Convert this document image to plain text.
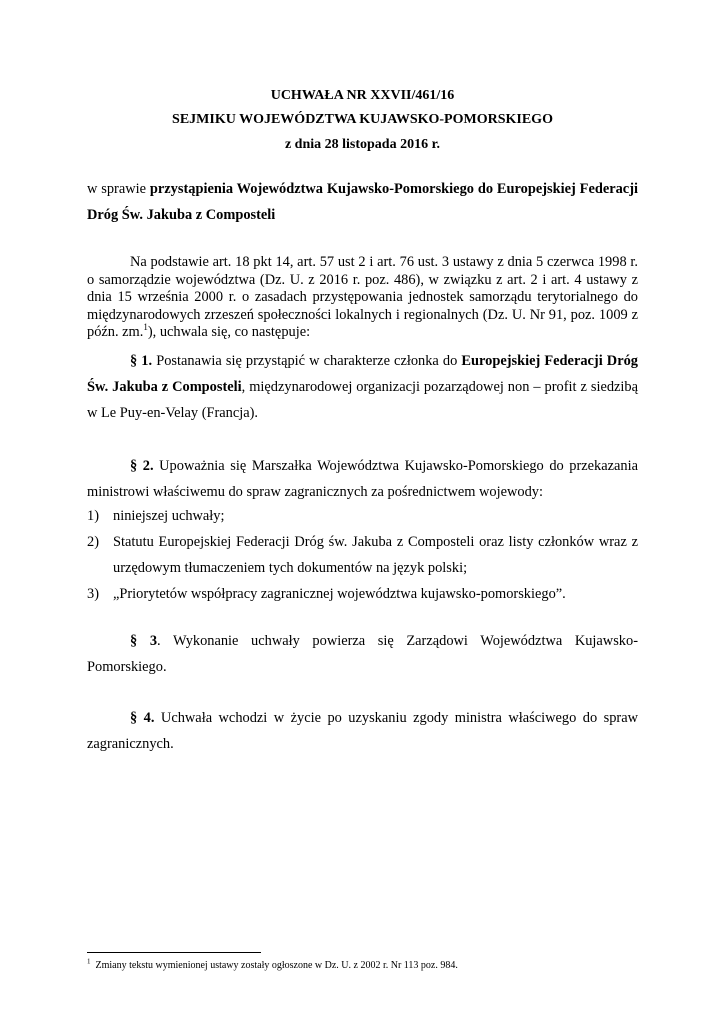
UCHWAŁA NR XXVII/461/16
SEJMIKU WOJEWÓDZTWA KUJAWSKO-POMORSKIEGO
z dnia 28 listopada 2016 r.
w sprawie przystąpienia Województwa Kujawsko-Pomorskiego do Europejskiej Federacji Dróg Św. Jakuba z Composteli
Na podstawie art. 18 pkt 14, art. 57 ust 2 i art. 76 ust. 3 ustawy z dnia 5 czerwca 1998 r. o samorządzie województwa (Dz. U. z 2016 r. poz. 486), w związku z art. 2 i art. 4 ustawy z dnia 15 września 2000 r. o zasadach przystępowania jednostek samorządu terytorialnego do międzynarodowych zrzeszeń społeczności lokalnych i regionalnych (Dz. U. Nr 91, poz. 1009 z późn. zm.$^1$), uchwala się, co następuje:
§ 1. Postanawia się przystąpić w charakterze członka do Europejskiej Federacji Dróg Św. Jakuba z Composteli, międzynarodowej organizacji pozarządowej non – profit z siedzibą w Le Puy-en-Velay (Francja).
§ 2. Upoważnia się Marszałka Województwa Kujawsko-Pomorskiego do przekazania ministrowi właściwemu do spraw zagranicznych za pośrednictwem wojewody:
1) niniejszej uchwały;
2) Statutu Europejskiej Federacji Dróg św. Jakuba z Composteli oraz listy członków wraz z urzędowym tłumaczeniem tych dokumentów na język polski;
3) „Priorytetów współpracy zagranicznej województwa kujawsko-pomorskiego”.
§ 3. Wykonanie uchwały powierza się Zarządowi Województwa Kujawsko-Pomorskiego.
§ 4. Uchwała wchodzi w życie po uzyskaniu zgody ministra właściwego do spraw zagranicznych.
$^1$ Zmiany tekstu wymienionej ustawy zostały ogłoszone w Dz. U. z 2002 r. Nr 113 poz. 984.
